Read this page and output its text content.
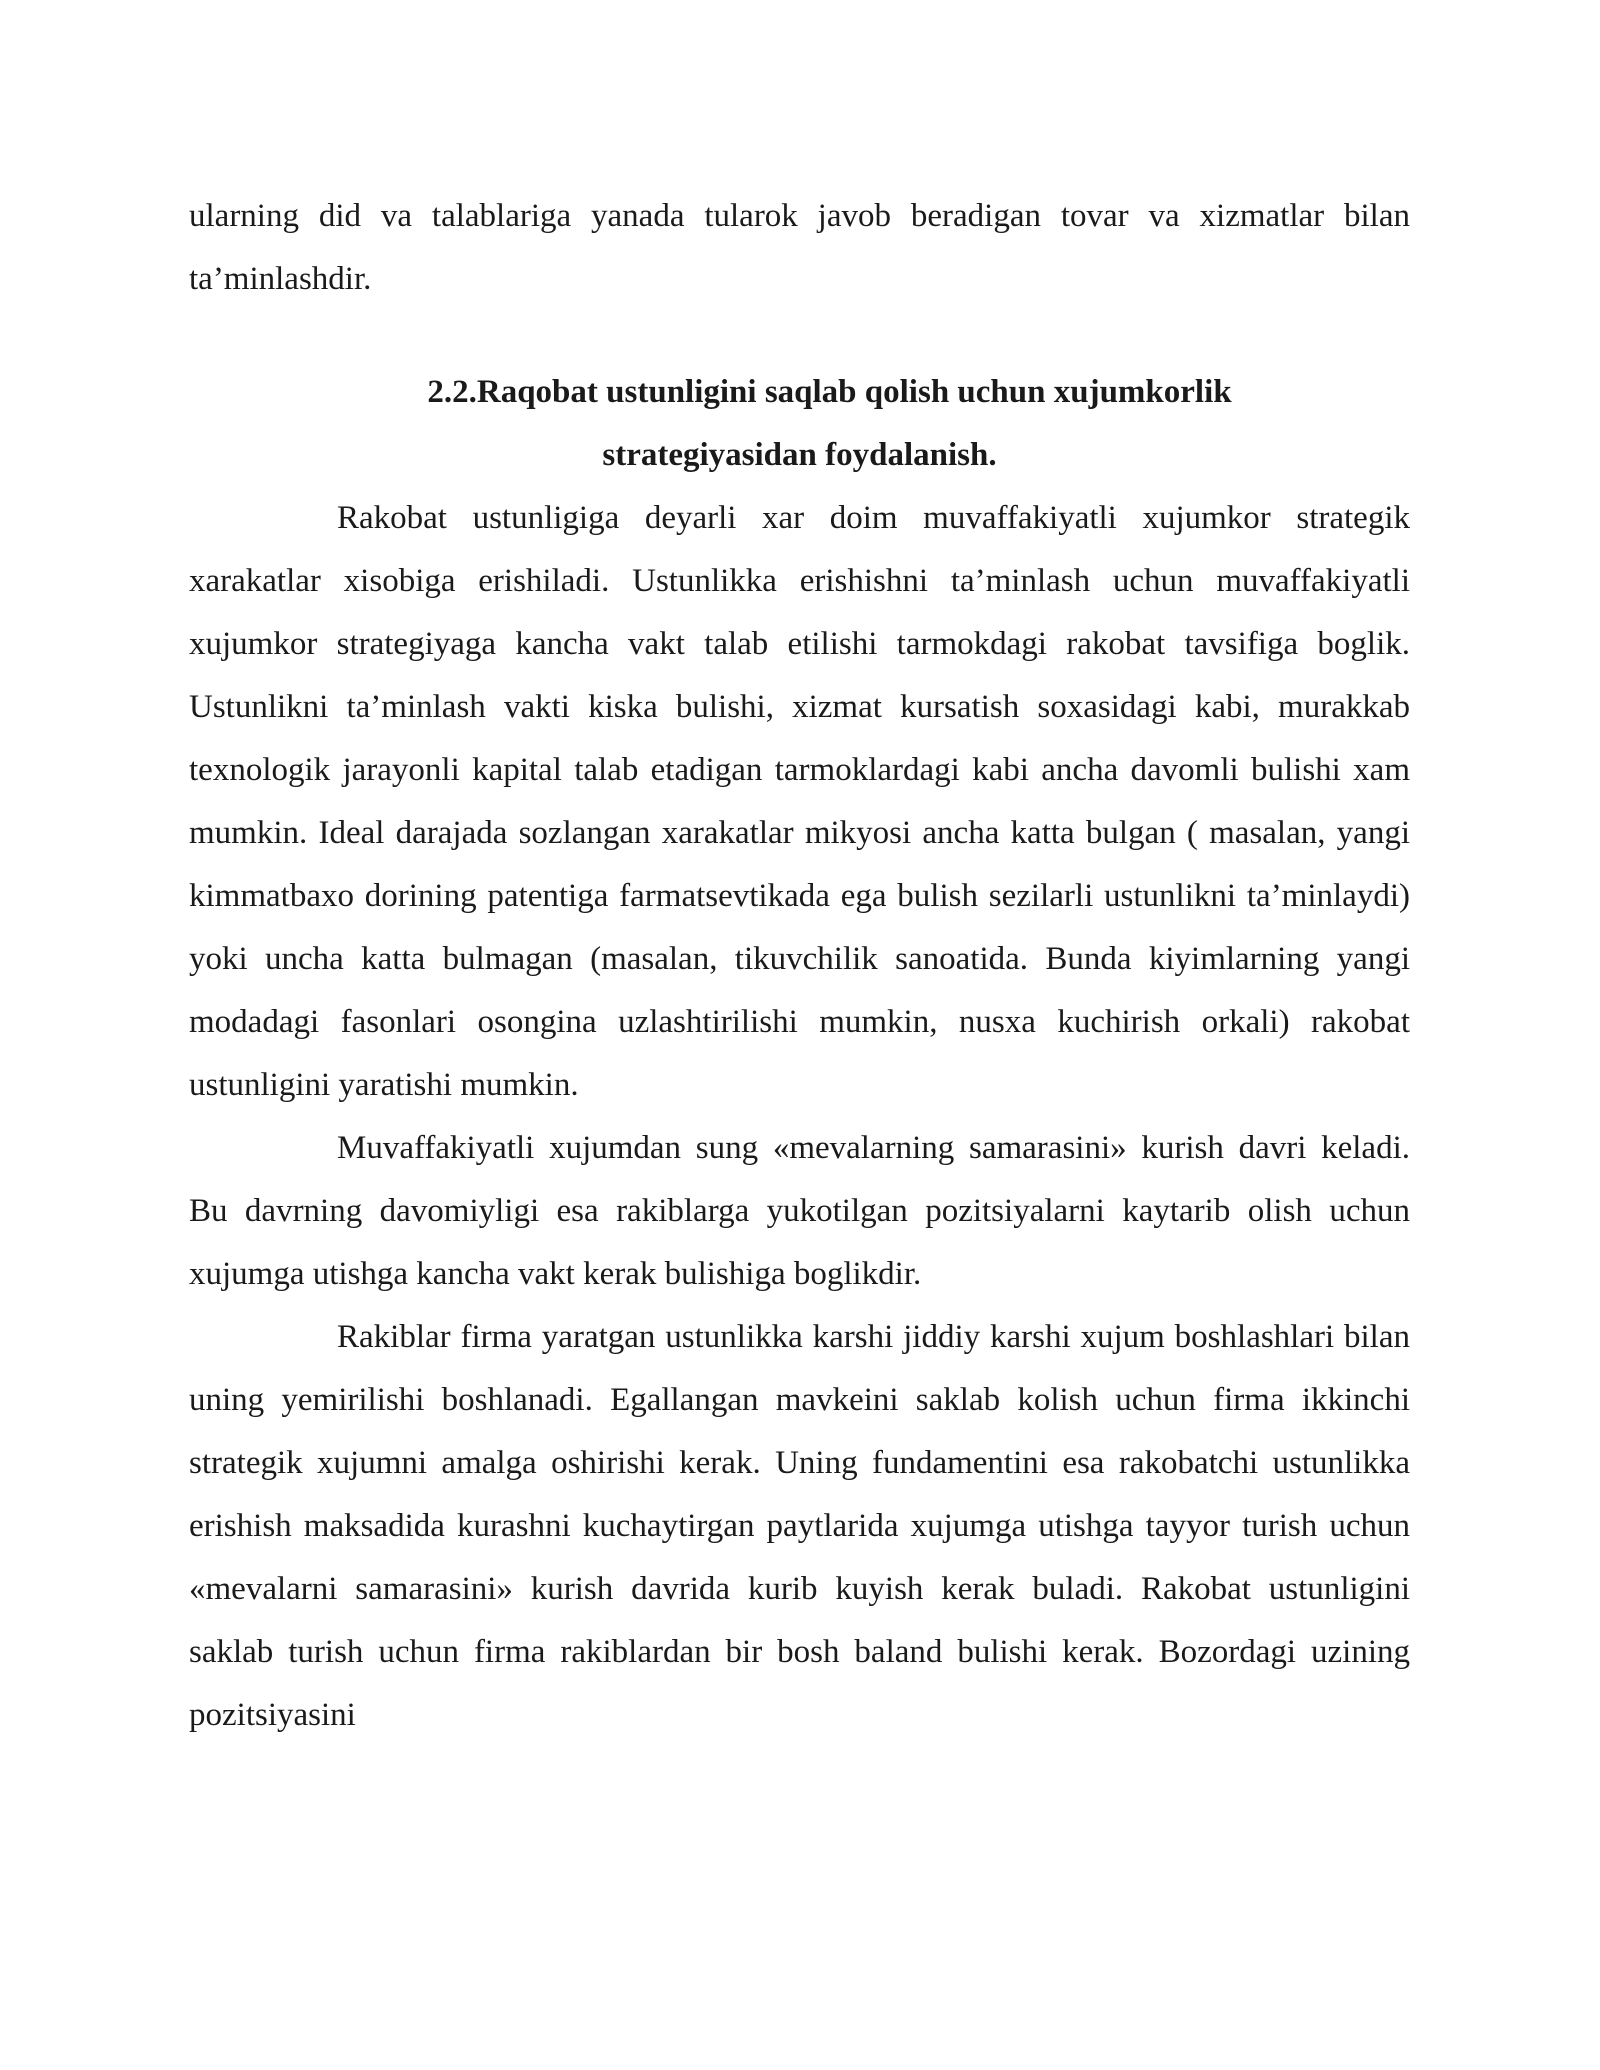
ularning did va talablariga yanada tularok javob beradigan tovar va xizmatlar bilan ta’minlashdir.

2.2.Raqobat ustunligini saqlab qolish uchun xujumkorlik
strategiyasidan foydalanish.

Rakobat ustunligiga deyarli xar doim muvaffakiyatli xujumkor strategik xarakatlar xisobiga erishiladi. Ustunlikka erishishni ta’minlash uchun muvaffakiyatli xujumkor strategiyaga kancha vakt talab etilishi tarmokdagi rakobat tavsifiga boglik. Ustunlikni ta’minlash vakti kiska bulishi, xizmat kursatish soxasidagi kabi, murakkab texnologik jarayonli kapital talab etadigan tarmoklardagi kabi ancha davomli bulishi xam mumkin. Ideal darajada sozlangan xarakatlar mikyosi ancha katta bulgan ( masalan, yangi kimmatbaxo dorining patentiga farmatsevtikada ega bulish sezilarli ustunlikni ta’minlaydi) yoki uncha katta bulmagan (masalan, tikuvchilik sanoatida. Bunda kiyimlarning yangi modadagi fasonlari osongina uzlashtirilishi mumkin, nusxa kuchirish orkali) rakobat ustunligini yaratishi mumkin.

Muvaffakiyatli xujumdan sung «mevalarning samarasini» kurish davri keladi. Bu davrning davomiyligi esa rakiblarga yukotilgan pozitsiyalarni kaytarib olish uchun xujumga utishga kancha vakt kerak bulishiga boglikdir.

Rakiblar firma yaratgan ustunlikka karshi jiddiy karshi xujum boshlashlari bilan uning yemirilishi boshlanadi. Egallangan mavkeini saklab kolish uchun firma ikkinchi strategik xujumni amalga oshirishi kerak. Uning fundamentini esa rakobatchi ustunlikka erishish maksadida kurashni kuchaytirgan paytlarida xujumga utishga tayyor turish uchun «mevalarni samarasini» kurish davrida kurib kuyish kerak buladi. Rakobat ustunligini saklab turish uchun firma rakiblardan bir bosh baland bulishi kerak. Bozordagi uzining pozitsiyasini
